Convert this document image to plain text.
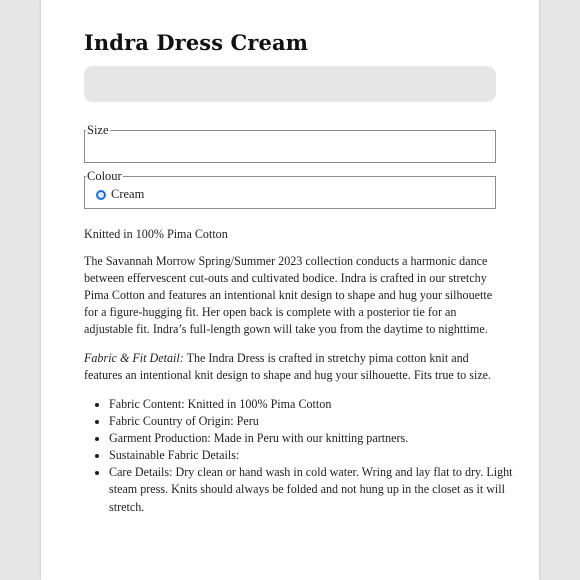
Indra Dress Cream
Size
Colour
Cream

Knitted in 100% Pima Cotton

The Savannah Morrow Spring/Summer 2023 collection conducts a harmonic dance between effervescent cut-outs and cultivated bodice. Indra is crafted in our stretchy Pima Cotton and features an intentional knit design to shape and hug your silhouette for a figure-hugging fit. Her open back is complete with a posterior tie for an adjustable fit. Indra’s full-length gown will take you from the daytime to nighttime.

Fabric & Fit Detail: The Indra Dress is crafted in stretchy pima cotton knit and features an intentional knit design to shape and hug your silhouette. Fits true to size.

• Fabric Content: Knitted in 100% Pima Cotton
• Fabric Country of Origin: Peru
• Garment Production: Made in Peru with our knitting partners.
• Sustainable Fabric Details:
• Care Details: Dry clean or hand wash in cold water. Wring and lay flat to dry. Light steam press. Knits should always be folded and not hung up in the closet as it will stretch.
